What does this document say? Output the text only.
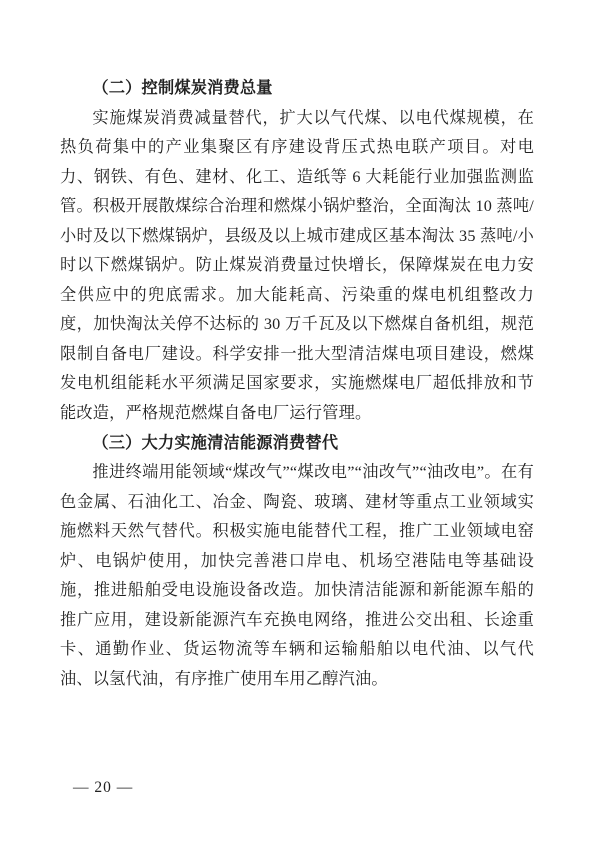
（二）控制煤炭消费总量

实施煤炭消费减量替代，扩大以气代煤、以电代煤规模，在热负荷集中的产业集聚区有序建设背压式热电联产项目。对电力、钢铁、有色、建材、化工、造纸等 6 大耗能行业加强监测监管。积极开展散煤综合治理和燃煤小锅炉整治，全面淘汰 10 蒸吨/小时及以下燃煤锅炉，县级及以上城市建成区基本淘汰 35 蒸吨/小时以下燃煤锅炉。防止煤炭消费量过快增长，保障煤炭在电力安全供应中的兜底需求。加大能耗高、污染重的煤电机组整改力度，加快淘汰关停不达标的 30 万千瓦及以下燃煤自备机组，规范限制自备电厂建设。科学安排一批大型清洁煤电项目建设，燃煤发电机组能耗水平须满足国家要求，实施燃煤电厂超低排放和节能改造，严格规范燃煤自备电厂运行管理。

（三）大力实施清洁能源消费替代

推进终端用能领域“煤改气”“煤改电”“油改气”“油改电”。在有色金属、石油化工、冶金、陶瓷、玻璃、建材等重点工业领域实施燃料天然气替代。积极实施电能替代工程，推广工业领域电窑炉、电锅炉使用，加快完善港口岸电、机场空港陆电等基础设施，推进船舶受电设施设备改造。加快清洁能源和新能源车船的推广应用，建设新能源汽车充换电网络，推进公交出租、长途重卡、通勤作业、货运物流等车辆和运输船舶以电代油、以气代油、以氢代油，有序推广使用车用乙醇汽油。

— 20 —
